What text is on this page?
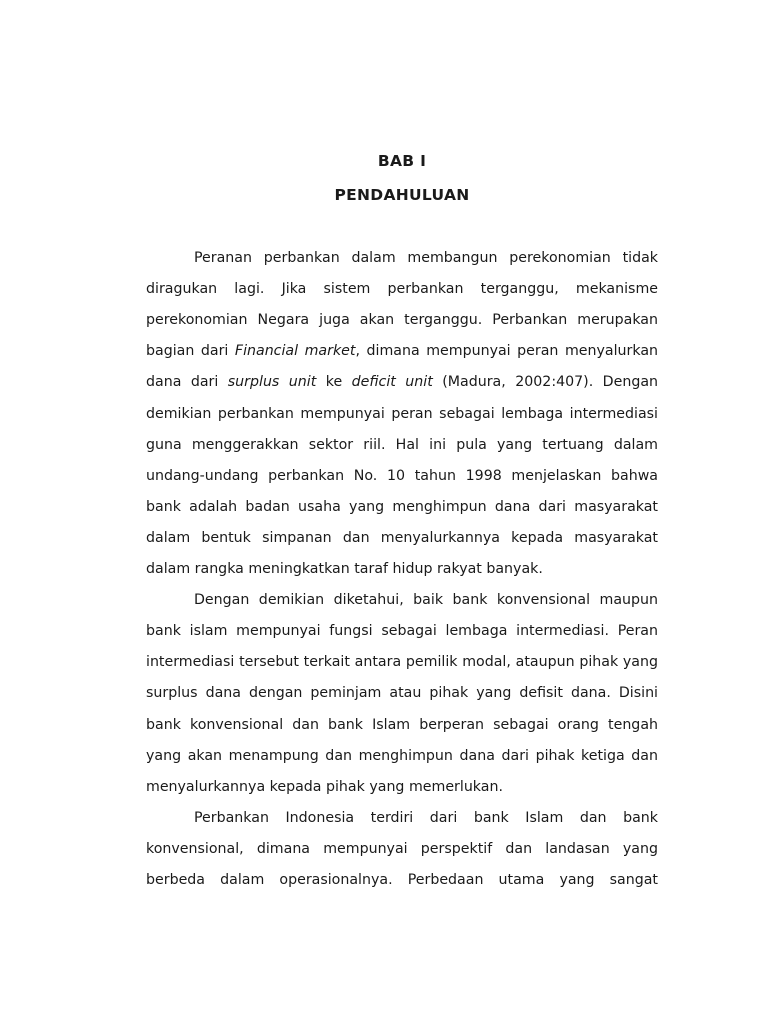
BAB I
PENDAHULUAN
Peranan perbankan dalam membangun perekonomian tidak
diragukan lagi. Jika sistem perbankan terganggu, mekanisme
perekonomian Negara juga akan terganggu. Perbankan merupakan
bagian dari Financial market, dimana mempunyai peran menyalurkan
dana dari surplus unit ke deficit unit (Madura, 2002:407). Dengan
demikian perbankan mempunyai peran sebagai lembaga intermediasi
guna menggerakkan sektor riil. Hal ini pula yang tertuang dalam
undang-undang perbankan No. 10 tahun 1998 menjelaskan bahwa
bank adalah badan usaha yang menghimpun dana dari masyarakat
dalam bentuk simpanan dan menyalurkannya kepada masyarakat
dalam rangka meningkatkan taraf hidup rakyat banyak.
Dengan demikian diketahui, baik bank konvensional maupun
bank islam mempunyai fungsi sebagai lembaga intermediasi. Peran
intermediasi tersebut terkait antara pemilik modal, ataupun pihak yang
surplus dana dengan peminjam atau pihak yang defisit dana. Disini
bank konvensional dan bank Islam berperan sebagai orang tengah
yang akan menampung dan menghimpun dana dari pihak ketiga dan
menyalurkannya kepada pihak yang memerlukan.
Perbankan Indonesia terdiri dari bank Islam dan bank
konvensional, dimana mempunyai perspektif dan landasan yang
berbeda dalam operasionalnya. Perbedaan utama yang sangat
